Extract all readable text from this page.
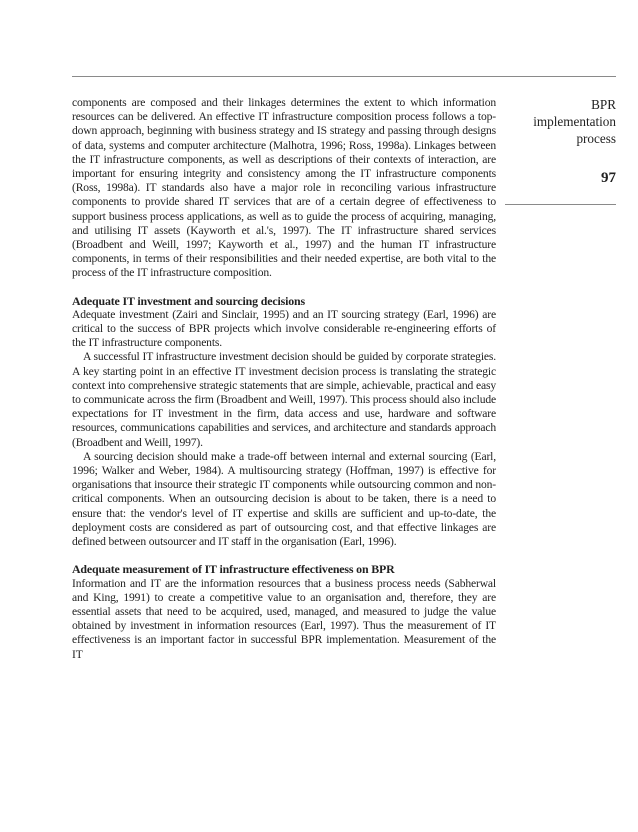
components are composed and their linkages determines the extent to which information resources can be delivered. An effective IT infrastructure composition process follows a top-down approach, beginning with business strategy and IS strategy and passing through designs of data, systems and computer architecture (Malhotra, 1996; Ross, 1998a). Linkages between the IT infrastructure components, as well as descriptions of their contexts of interaction, are important for ensuring integrity and consistency among the IT infrastructure components (Ross, 1998a). IT standards also have a major role in reconciling various infrastructure components to provide shared IT services that are of a certain degree of effectiveness to support business process applications, as well as to guide the process of acquiring, managing, and utilising IT assets (Kayworth et al.'s, 1997). The IT infrastructure shared services (Broadbent and Weill, 1997; Kayworth et al., 1997) and the human IT infrastructure components, in terms of their responsibilities and their needed expertise, are both vital to the process of the IT infrastructure composition.

Adequate IT investment and sourcing decisions

Adequate investment (Zairi and Sinclair, 1995) and an IT sourcing strategy (Earl, 1996) are critical to the success of BPR projects which involve considerable re-engineering efforts of the IT infrastructure components.

A successful IT infrastructure investment decision should be guided by corporate strategies. A key starting point in an effective IT investment decision process is translating the strategic context into comprehensive strategic statements that are simple, achievable, practical and easy to communicate across the firm (Broadbent and Weill, 1997). This process should also include expectations for IT investment in the firm, data access and use, hardware and software resources, communications capabilities and services, and architecture and standards approach (Broadbent and Weill, 1997).

A sourcing decision should make a trade-off between internal and external sourcing (Earl, 1996; Walker and Weber, 1984). A multisourcing strategy (Hoffman, 1997) is effective for organisations that insource their strategic IT components while outsourcing common and non-critical components. When an outsourcing decision is about to be taken, there is a need to ensure that: the vendor's level of IT expertise and skills are sufficient and up-to-date, the deployment costs are considered as part of outsourcing cost, and that effective linkages are defined between outsourcer and IT staff in the organisation (Earl, 1996).

Adequate measurement of IT infrastructure effectiveness on BPR

Information and IT are the information resources that a business process needs (Sabherwal and King, 1991) to create a competitive value to an organisation and, therefore, they are essential assets that need to be acquired, used, managed, and measured to judge the value obtained by investment in information resources (Earl, 1997). Thus the measurement of IT effectiveness is an important factor in successful BPR implementation. Measurement of the IT

BPR
implementation
process
97
